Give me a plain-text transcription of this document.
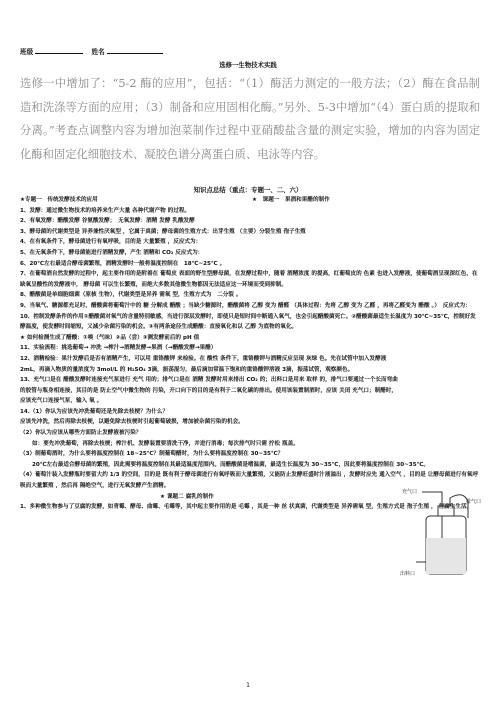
班级	姓名
选修一生物技术实践

选修一中增加了：“5-2 酶的应用”，包括：“（1）酶活力测定的一般方法；（2）酶在食品制造和洗涤等方面的应用；（3）制备和应用固相化酶。”另外、5-3中增加“（4）蛋白质的提取和分离。”考查点调整内容为增加泡菜制作过程中亚硝酸盐含量的测定实验，增加的内容为固定化酶和固定化细胞技术、凝胶色谱分离蛋白质、电泳等内容。

知识点总结（重点：专题一、二、六）
★专题一　传统发酵技术的应用	★　课题一　果酒和果醋的制作
1、发酵：通过微生物技术的培养来生产大量 各种代谢产物 的过程。
2、有氧发酵：醋酸发酵 谷氨酸发酵；　无氧发酵：酒精 发酵 乳酸发酵
3、酵母菌的代谢类型是 异养兼性厌氧型 ，它属于真菌；酵母菌的生殖方式：出芽生殖 （主要）分裂生殖 孢子生殖
4、在有氧条件下，酵母菌进行有氧呼吸，目的是 大量繁殖 ，反应式为：
5、在无氧条件下，酵母菌能进行酒精发酵，产生 酒精和 CO₂ 反应式为：
6、20℃左右最适合酵母菌繁殖，酒精发酵时一般将温度控制在　18℃~25℃ 。
7、在葡萄酒自然发酵的过程中，起主要作用的是附着在 葡萄皮 表面的野生型酵母菌，在发酵过程中，随着 酒精浓度 的提高，红葡萄皮的 色素 也进入发酵液，使葡萄酒呈现深红色，在缺氧呈酸性的发酵液中， 酵母菌 可以生长繁殖，而绝大多数其他微生物都因无法适应这一环境而受到抑制。
8、醋酸菌是单细胞细菌（原核 生物），代谢类型是异养 需氧 型，生殖方式为　二分裂 。
9、当氧气、糖源都充足时，醋酸菌将葡萄汁中的 糖 分解成 醋酸 ；当缺少糖源时，醋酸菌将 乙醇 变为 醋醛 （具体过程：先将 乙醇 变为 乙醛 ，再将乙醛变为 醋酸 。）　反应式为：
10、控制发酵条件的作用①醋酸菌对氧气的含量特别敏感，当进行深层发酵时，即使只是短时间中断通入氧气，也会引起醋酸菌死亡。②醋酸菌最适生长温度为 30℃~35℃，控制好发酵温度，使发酵时间缩短，又减少杂菌污染的机会。③有两条途径生成醋酸：直接氧化和以 乙醇 为底物的氧化。
★ 如何检测生成了醋酸：①嗅（气味）②品（尝）③测发酵前后的 pH 值
11、实验流程：挑选葡萄→ 冲洗 →榨汁→酒精发酵→果酒（→醋酸发酵→果醋）
12、酒精检验：果汁发酵后是否有酒精产生，可以用 重铬酸钾 来检验。在 酸性 条件下，重铬酸钾与酒精反应呈现 灰绿 色。先在试管中加入发酵液 2mL，再滴入物质的量浓度为 3mol/L 的 H₂SO₄ 3滴，振荡混匀，最后滴加常温下饱和的重铬酸钾溶液 3滴，振荡试管，观察颜色。
13、充气口是在 醋酸发酵时连接充气泵进行 充气 用的；排气口是在 酒精 发酵时用来排出 CO₂ 的；出料口是用来 取样 的，排气口要通过一个长而弯曲的胶管与瓶身相连接，其目的是 防止空气中微生物的 污染，开口向下的目的是有利于二氧化碳的排出。使用该装置制酒时，应该 关闭 充气口；制醋时，应该充气口连接气泵，输入 氧 。
14.（1）你认为应该先冲洗葡萄还是先除去枝梗？为什么？
应该先冲洗，然后再除去枝梗，以避免除去枝梗时引起葡萄破损，增加被杂菌污染的机会。
（2）你认为应该从哪些方面防止发酵液被污染？
如：要先冲洗葡萄，再除去枝梗；榨汁机、发酵装置要清洗干净，并进行消毒；每次排气时只需 拧松 瓶盖。
（3）制葡萄酒时，为什么要将温度控制在 18~25℃？制葡萄醋时，为什么要将温度控制在 30~35℃？
20℃左右最适合酵母菌的繁殖，因此需要将温度控制在其最适温度范围内。而醋酸菌是嗜温菌，最适生长温度为 30~35℃，因此要将温度控制在 30~35℃。
（4）葡萄汁装入发酵瓶时要留大约 1/3 的空间，目的是 既有利于酵母菌进行有氧呼吸而大量繁殖，又能防止发酵旺盛时汁液溢出 ，发酵时应先 通入空气 ，目的是 让酵母菌进行有氧呼吸而大量繁殖 ，然后再 隔绝空气，进行无氧发酵产生酒精。
★ 课题二 腐乳的制作
1、多种微生物参与了豆腐的发酵，如青霉、酵母、曲霉、毛霉等，其中起主要作用的是 毛霉 ，其是一种 丝 状真菌，代谢类型是 异养需氧 型，生殖方式是 孢子生殖 ， 营腐生生活。
充气口
排气口
出料口
1
